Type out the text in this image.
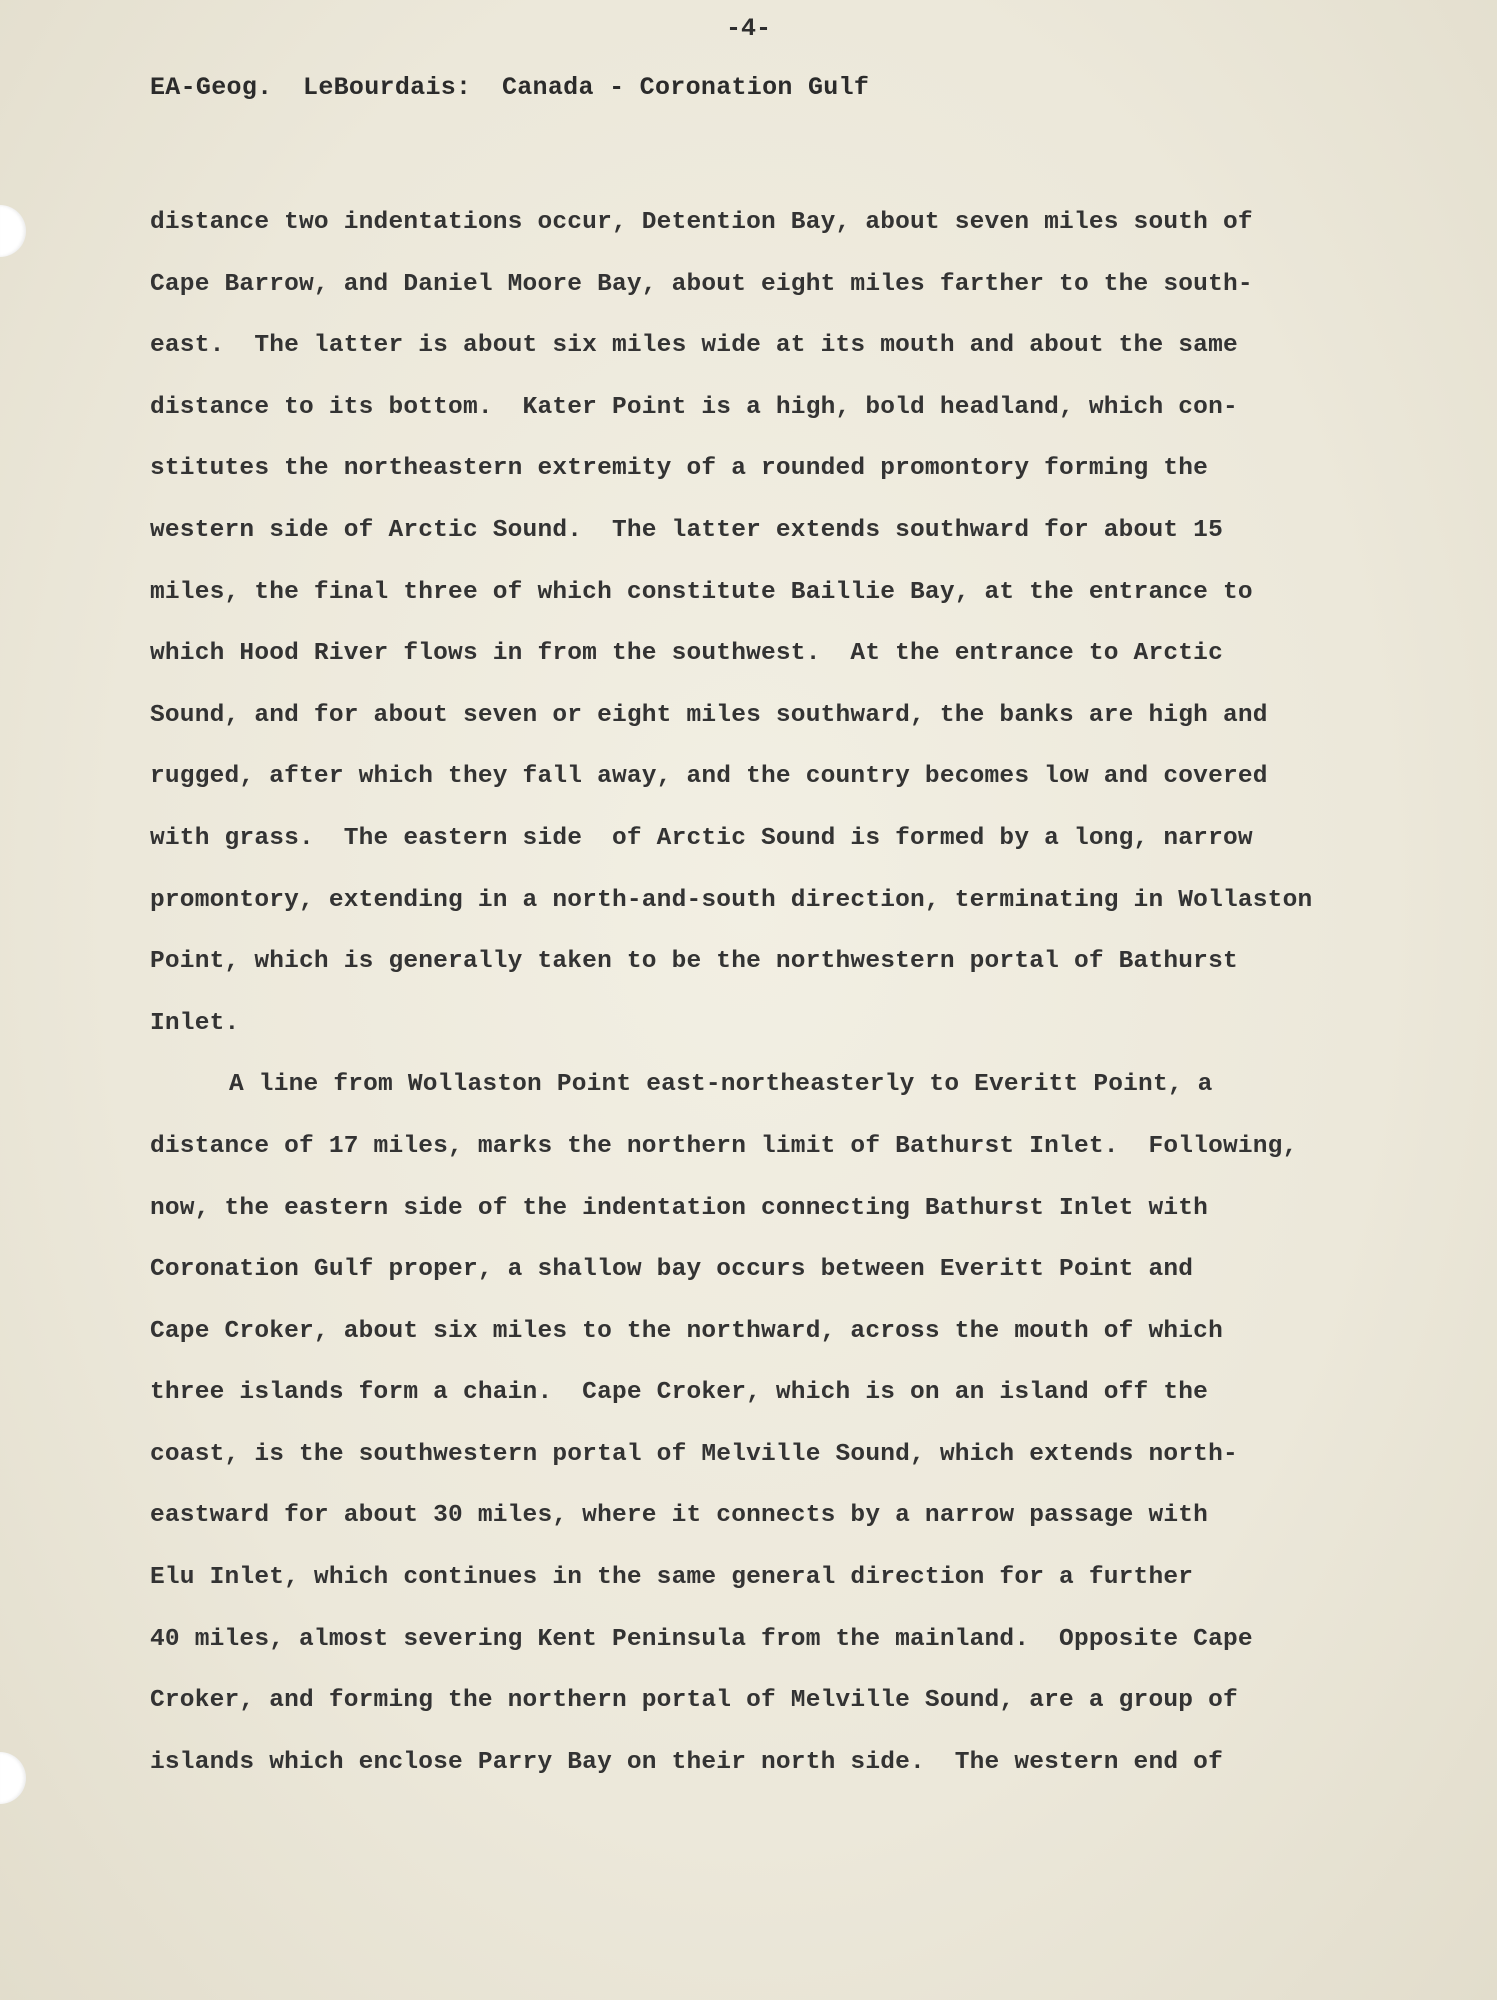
-4-
EA-Geog.  LeBourdais:  Canada - Coronation Gulf
distance two indentations occur, Detention Bay, about seven miles south of
Cape Barrow, and Daniel Moore Bay, about eight miles farther to the south-
east.  The latter is about six miles wide at its mouth and about the same
distance to its bottom.  Kater Point is a high, bold headland, which con-
stitutes the northeastern extremity of a rounded promontory forming the
western side of Arctic Sound.  The latter extends southward for about 15
miles, the final three of which constitute Baillie Bay, at the entrance to
which Hood River flows in from the southwest.  At the entrance to Arctic
Sound, and for about seven or eight miles southward, the banks are high and
rugged, after which they fall away, and the country becomes low and covered
with grass.  The eastern side  of Arctic Sound is formed by a long, narrow
promontory, extending in a north-and-south direction, terminating in Wollaston
Point, which is generally taken to be the northwestern portal of Bathurst
Inlet.
A line from Wollaston Point east-northeasterly to Everitt Point, a
distance of 17 miles, marks the northern limit of Bathurst Inlet.  Following,
now, the eastern side of the indentation connecting Bathurst Inlet with
Coronation Gulf proper, a shallow bay occurs between Everitt Point and
Cape Croker, about six miles to the northward, across the mouth of which
three islands form a chain.  Cape Croker, which is on an island off the
coast, is the southwestern portal of Melville Sound, which extends north-
eastward for about 30 miles, where it connects by a narrow passage with
Elu Inlet, which continues in the same general direction for a further
40 miles, almost severing Kent Peninsula from the mainland.  Opposite Cape
Croker, and forming the northern portal of Melville Sound, are a group of
islands which enclose Parry Bay on their north side.  The western end of
